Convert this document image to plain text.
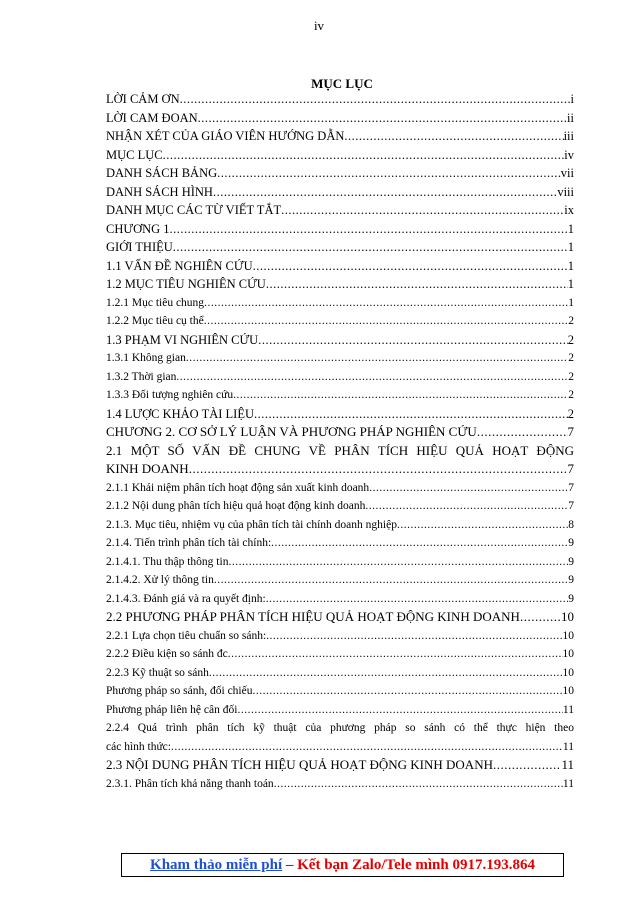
iv
MỤC LỤC
LỜI CẢM ƠN .....	i
LỜI CAM ĐOAN .....	ii
NHẬN XÉT CỦA GIÁO VIÊN HƯỚNG DẪN .....	iii
MỤC LỤC .....	iv
DANH SÁCH BẢNG .....	vii
DANH SÁCH HÌNH .....	viii
DANH MỤC CÁC TỪ VIẾT TẮT .....	ix
CHƯƠNG 1 .....	1
GIỚI THIỆU .....	1
1.1 VẤN ĐỀ NGHIÊN CỨU .....	1
1.2 MỤC TIÊU NGHIÊN CỨU .....	1
1.2.1 Mục tiêu chung .....	1
1.2.2 Mục tiêu cụ thể .....	2
1.3 PHẠM VI NGHIÊN CỨU .....	2
1.3.1 Không gian .....	2
1.3.2 Thời gian .....	2
1.3.3 Đối tượng nghiên cứu .....	2
1.4 LƯỢC KHẢO TÀI LIỆU .....	2
CHƯƠNG 2. CƠ SỞ LÝ LUẬN VÀ PHƯƠNG PHÁP NGHIÊN CỨU .....	7
2.1 MỘT SỐ VẤN ĐỀ CHUNG VỀ PHÂN TÍCH HIỆU QUẢ HOẠT ĐỘNG
KINH DOANH .....	7
2.1.1 Khái niệm phân tích hoạt động sản xuất kinh doanh .....	7
2.1.2 Nội dung phân tích hiệu quả hoạt động kinh doanh .....	7
2.1.3. Mục tiêu, nhiệm vụ của phân tích tài chính doanh nghiệp .....	8
2.1.4. Tiến trình phân tích tài chính: .....	9
2.1.4.1. Thu thập thông tin .....	9
2.1.4.2. Xử lý thông tin .....	9
2.1.4.3. Đánh giá và ra quyết định: .....	9
2.2 PHƯƠNG PHÁP PHÂN TÍCH HIỆU QUẢ HOẠT ĐỘNG KINH DOANH .....	10
2.2.1 Lựa chọn tiêu chuẩn so sánh: .....	10
2.2.2 Điều kiện so sánh đc .....	10
2.2.3 Kỹ thuật so sánh .....	10
Phương pháp so sánh, đối chiếu .....	10
Phương pháp liên hệ cân đối .....	11
2.2.4 Quá trình phân tích kỹ thuật của phương pháp so sánh có thể thực hiện theo
các hình thức: .....	11
2.3 NỘI DUNG PHÂN TÍCH HIỆU QUẢ HOẠT ĐỘNG KINH DOANH .....	11
2.3.1. Phân tích khả năng thanh toán .....	11
Kham thảo miễn phí – Kết bạn Zalo/Tele mình 0917.193.864
